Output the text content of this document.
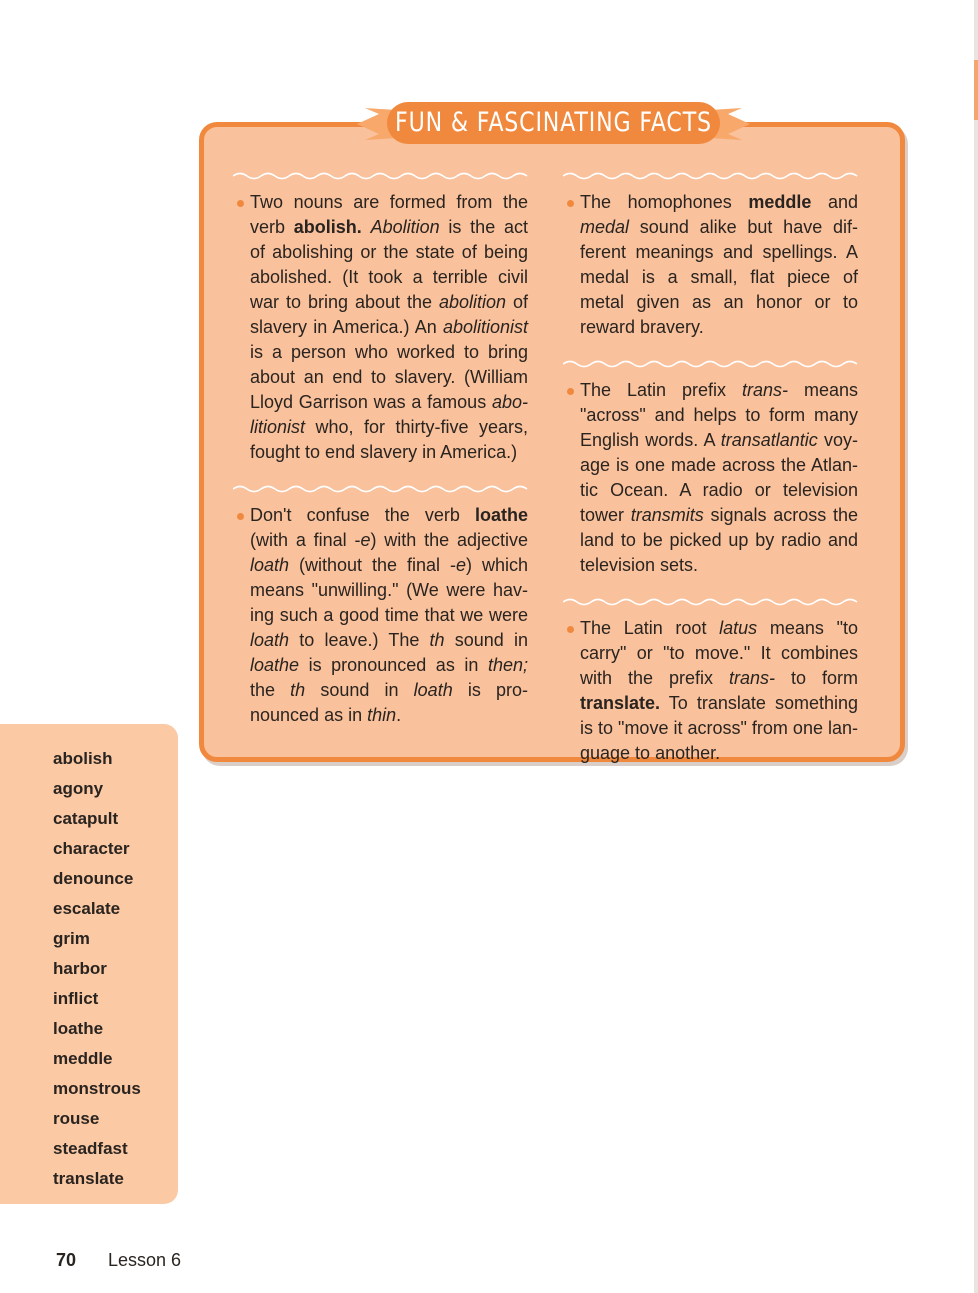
FUN & FASCINATING FACTS
Two nouns are formed from the verb abolish. Abolition is the act of abolishing or the state of being abolished. (It took a terrible civil war to bring about the abolition of slavery in America.) An abolitionist is a person who worked to bring about an end to slavery. (William Lloyd Garrison was a famous abo-litionist who, for thirty-five years, fought to end slavery in America.)
Don't confuse the verb loathe (with a final -e) with the adjective loath (without the final -e) which means "unwilling." (We were hav-ing such a good time that we were loath to leave.) The th sound in loathe is pronounced as in then; the th sound in loath is pro-nounced as in thin.
The homophones meddle and medal sound alike but have dif-ferent meanings and spellings. A medal is a small, flat piece of metal given as an honor or to reward bravery.
The Latin prefix trans- means "across" and helps to form many English words. A transatlantic voy-age is one made across the Atlan-tic Ocean. A radio or television tower transmits signals across the land to be picked up by radio and television sets.
The Latin root latus means "to carry" or "to move." It combines with the prefix trans- to form translate. To translate something is to "move it across" from one lan-guage to another.
abolish
agony
catapult
character
denounce
escalate
grim
harbor
inflict
loathe
meddle
monstrous
rouse
steadfast
translate
70 Lesson 6
